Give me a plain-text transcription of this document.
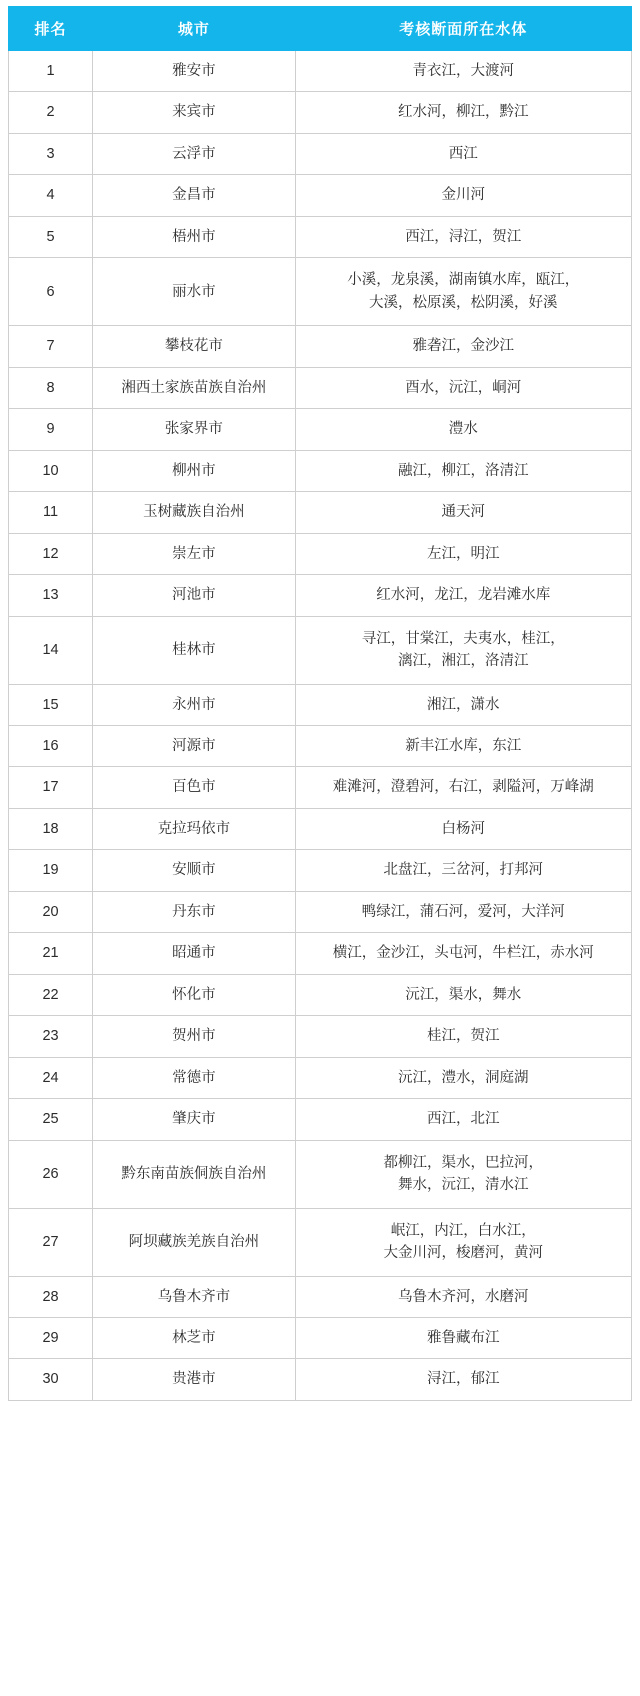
排名	城市	考核断面所在水体
1	雅安市	青衣江，大渡河

2	来宾市	红水河，柳江，黔江

3	云浮市	西江

4	金昌市	金川河

5	梧州市	西江，浔江，贺江

6	丽水市	小溪，龙泉溪，湖南镇水库，瓯江，
大溪，松原溪，松阴溪，好溪

7	攀枝花市	雅砻江，金沙江

8	湘西土家族苗族自治州	酉水，沅江，峒河

9	张家界市	澧水

10	柳州市	融江，柳江，洛清江

11	玉树藏族自治州	通天河

12	崇左市	左江，明江

13	河池市	红水河，龙江，龙岩滩水库

14	桂林市	寻江，甘棠江，夫夷水，桂江，
漓江，湘江，洛清江

15	永州市	湘江，潇水

16	河源市	新丰江水库，东江

17	百色市	难滩河，澄碧河，右江，剥隘河，万峰湖

18	克拉玛依市	白杨河

19	安顺市	北盘江，三岔河，打邦河

20	丹东市	鸭绿江，蒲石河，爱河，大洋河

21	昭通市	横江，金沙江，头屯河，牛栏江，赤水河

22	怀化市	沅江，渠水，舞水

23	贺州市	桂江，贺江

24	常德市	沅江，澧水，洞庭湖

25	肇庆市	西江，北江

26	黔东南苗族侗族自治州	都柳江，渠水，巴拉河，
舞水，沅江，清水江

27	阿坝藏族羌族自治州	岷江，内江，白水江，
大金川河，梭磨河，黄河

28	乌鲁木齐市	乌鲁木齐河，水磨河

29	林芝市	雅鲁藏布江

30	贵港市	浔江，郁江
